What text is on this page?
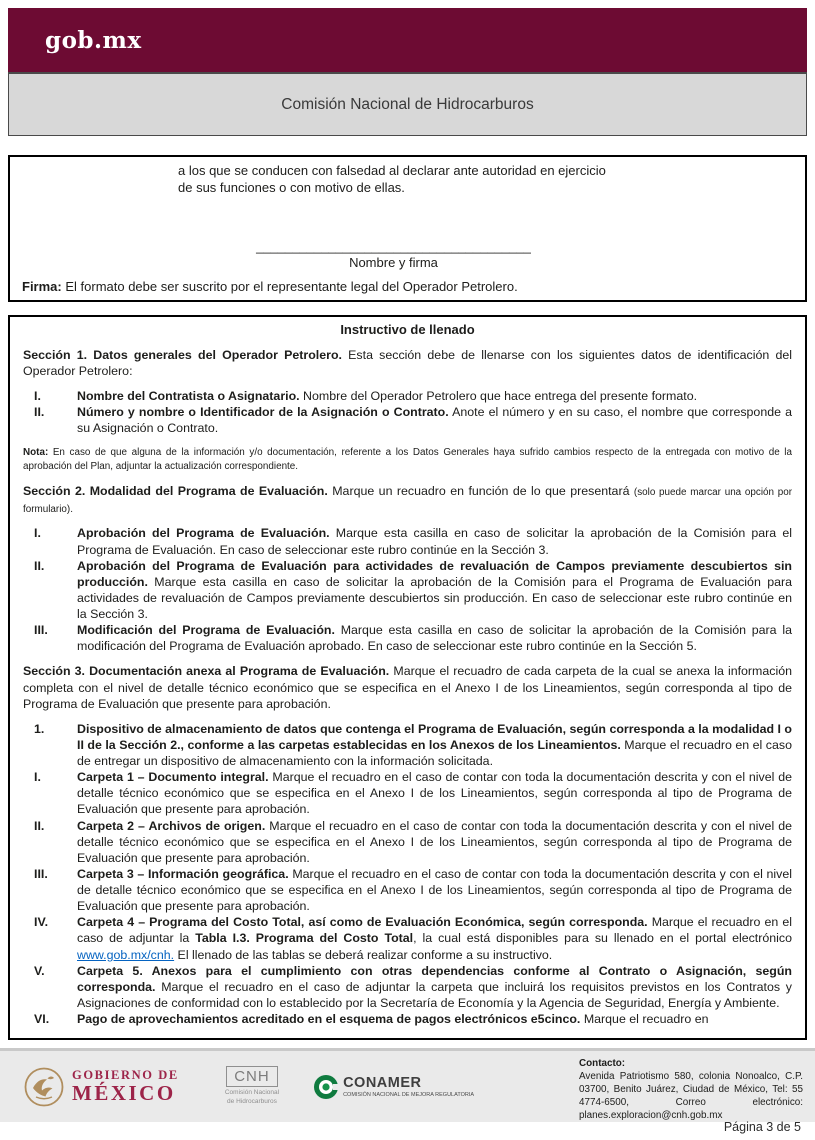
gob.mx
Comisión Nacional de Hidrocarburos
a los que se conducen con falsedad al declarar ante autoridad en ejercicio
de sus funciones o con motivo de ellas.
______________________________________
Nombre y firma

Firma: El formato debe ser suscrito por el representante legal del Operador Petrolero.

Instructivo de llenado

Sección 1. Datos generales del Operador Petrolero. Esta sección debe de llenarse con los siguientes datos de identificación del Operador Petrolero:

I.	Nombre del Contratista o Asignatario. Nombre del Operador Petrolero que hace entrega del presente formato.
II.	Número y nombre o Identificador de la Asignación o Contrato. Anote el número y en su caso, el nombre que corresponde a su Asignación o Contrato.

Nota: En caso de que alguna de la información y/o documentación, referente a los Datos Generales haya sufrido cambios respecto de la entregada con motivo de la aprobación del Plan, adjuntar la actualización correspondiente.

Sección 2. Modalidad del Programa de Evaluación. Marque un recuadro en función de lo que presentará (solo puede marcar una opción por formulario).

I.	Aprobación del Programa de Evaluación. Marque esta casilla en caso de solicitar la aprobación de la Comisión para el Programa de Evaluación. En caso de seleccionar este rubro continúe en la Sección 3.
II.	Aprobación del Programa de Evaluación para actividades de revaluación de Campos previamente descubiertos sin producción. Marque esta casilla en caso de solicitar la aprobación de la Comisión para el Programa de Evaluación para actividades de revaluación de Campos previamente descubiertos sin producción. En caso de seleccionar este rubro continúe en la Sección 3.
III.	Modificación del Programa de Evaluación. Marque esta casilla en caso de solicitar la aprobación de la Comisión para la modificación del Programa de Evaluación aprobado. En caso de seleccionar este rubro continúe en la Sección 5.

Sección 3. Documentación anexa al Programa de Evaluación. Marque el recuadro de cada carpeta de la cual se anexa la información completa con el nivel de detalle técnico económico que se especifica en el Anexo I de los Lineamientos, según corresponda al tipo de Programa de Evaluación que presente para aprobación.

1.	Dispositivo de almacenamiento de datos que contenga el Programa de Evaluación, según corresponda a la modalidad I o II de la Sección 2., conforme a las carpetas establecidas en los Anexos de los Lineamientos. Marque el recuadro en el caso de entregar un dispositivo de almacenamiento con la información solicitada.
I.	Carpeta 1 – Documento integral. Marque el recuadro en el caso de contar con toda la documentación descrita y con el nivel de detalle técnico económico que se especifica en el Anexo I de los Lineamientos, según corresponda al tipo de Programa de Evaluación que presente para aprobación.
II.	Carpeta 2 – Archivos de origen. Marque el recuadro en el caso de contar con toda la documentación descrita y con el nivel de detalle técnico económico que se especifica en el Anexo I de los Lineamientos, según corresponda al tipo de Programa de Evaluación que presente para aprobación.
III.	Carpeta 3 – Información geográfica. Marque el recuadro en el caso de contar con toda la documentación descrita y con el nivel de detalle técnico económico que se especifica en el Anexo I de los Lineamientos, según corresponda al tipo de Programa de Evaluación que presente para aprobación.
IV.	Carpeta 4 – Programa del Costo Total, así como de Evaluación Económica, según corresponda. Marque el recuadro en el caso de adjuntar la Tabla I.3. Programa del Costo Total, la cual está disponibles para su llenado en el portal electrónico www.gob.mx/cnh. El llenado de las tablas se deberá realizar conforme a su instructivo.
V.	Carpeta 5. Anexos para el cumplimiento con otras dependencias conforme al Contrato o Asignación, según corresponda. Marque el recuadro en el caso de adjuntar la carpeta que incluirá los requisitos previstos en los Contratos y Asignaciones de conformidad con lo establecido por la Secretaría de Economía y la Agencia de Seguridad, Energía y Ambiente.
VI.	Pago de aprovechamientos acreditado en el esquema de pagos electrónicos e5cinco. Marque el recuadro en
GOBIERNO DE
MÉXICO
CNH
Comisión Nacional
de Hidrocarburos
CONAMER
COMISIÓN NACIONAL DE MEJORA REGULATORIA
Contacto:
Avenida Patriotismo 580, colonia Nonoalco, C.P. 03700, Benito Juárez, Ciudad de México, Tel: 55 4774-6500, Correo electrónico: planes.exploracion@cnh.gob.mx
Página 3 de 5
